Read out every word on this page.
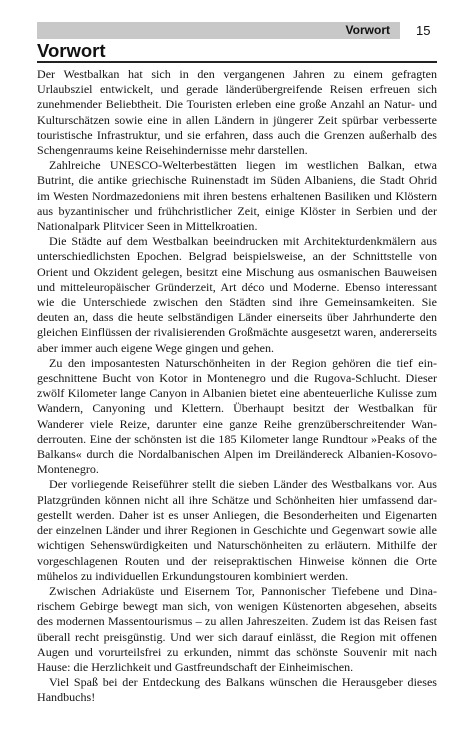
Vorwort 15
Vorwort

Der Westbalkan hat sich in den vergangenen Jahren zu einem gefragten Urlaubsziel entwickelt, und gerade länderübergreifende Reisen erfreuen sich zunehmender Beliebtheit. Die Touristen erleben eine große Anzahl an Natur- und Kulturschätzen sowie eine in allen Ländern in jüngerer Zeit spürbar verbesserte touristische Infrastruktur, und sie erfahren, dass auch die Grenzen außerhalb des Schengenraums keine Reisehindernisse mehr darstellen.

Zahlreiche UNESCO-Welterbestätten liegen im westlichen Balkan, etwa Butrint, die antike griechische Ruinenstadt im Süden Albaniens, die Stadt Ohrid im Westen Nordmazedoniens mit ihren bestens erhaltenen Basiliken und Klöstern aus byzantinischer und frühchristlicher Zeit, einige Klöster in Serbien und der Nationalpark Plitvicer Seen in Mittelkroatien.

Die Städte auf dem Westbalkan beeindrucken mit Architekturdenkmälern aus unterschiedlichsten Epochen. Belgrad beispielsweise, an der Schnittstelle von Orient und Okzident gelegen, besitzt eine Mischung aus osmanischen Bauweisen und mitteleuropäischer Gründerzeit, Art déco und Moderne. Ebenso interessant wie die Unterschiede zwischen den Städten sind ihre Gemeinsamkeiten. Sie deuten an, dass die heute selbständigen Länder einerseits über Jahrhunderte den gleichen Einflüssen der rivalisierenden Großmächte ausgesetzt waren, andererseits aber immer auch eigene Wege gingen und gehen.

Zu den imposantesten Naturschönheiten in der Region gehören die tief eingeschnittene Bucht von Kotor in Montenegro und die Rugova-Schlucht. Dieser zwölf Kilometer lange Canyon in Albanien bietet eine abenteuerliche Kulisse zum Wandern, Canyoning und Klettern. Überhaupt besitzt der Westbalkan für Wanderer viele Reize, darunter eine ganze Reihe grenzüberschreitender Wanderrouten. Eine der schönsten ist die 185 Kilometer lange Rundtour »Peaks of the Balkans« durch die Nordalbanischen Alpen im Dreiländereck Albanien-Kosovo-Montenegro.

Der vorliegende Reiseführer stellt die sieben Länder des Westbalkans vor. Aus Platzgründen können nicht all ihre Schätze und Schönheiten hier umfassend dargestellt werden. Daher ist es unser Anliegen, die Besonderheiten und Eigenarten der einzelnen Länder und ihrer Regionen in Geschichte und Gegenwart sowie alle wichtigen Sehenswürdigkeiten und Naturschönheiten zu erläutern. Mithilfe der vorgeschlagenen Routen und der reisepraktischen Hinweise können die Orte mühelos zu individuellen Erkundungstouren kombiniert werden.

Zwischen Adriaküste und Eisernem Tor, Pannonischer Tiefebene und Dinarischem Gebirge bewegt man sich, von wenigen Küstenorten abgesehen, abseits des modernen Massentourismus – zu allen Jahreszeiten. Zudem ist das Reisen fast überall recht preisgünstig. Und wer sich darauf einlässt, die Region mit offenen Augen und vorurteilsfrei zu erkunden, nimmt das schönste Souvenir mit nach Hause: die Herzlichkeit und Gastfreundschaft der Einheimischen.

Viel Spaß bei der Entdeckung des Balkans wünschen die Herausgeber dieses Handbuchs!
